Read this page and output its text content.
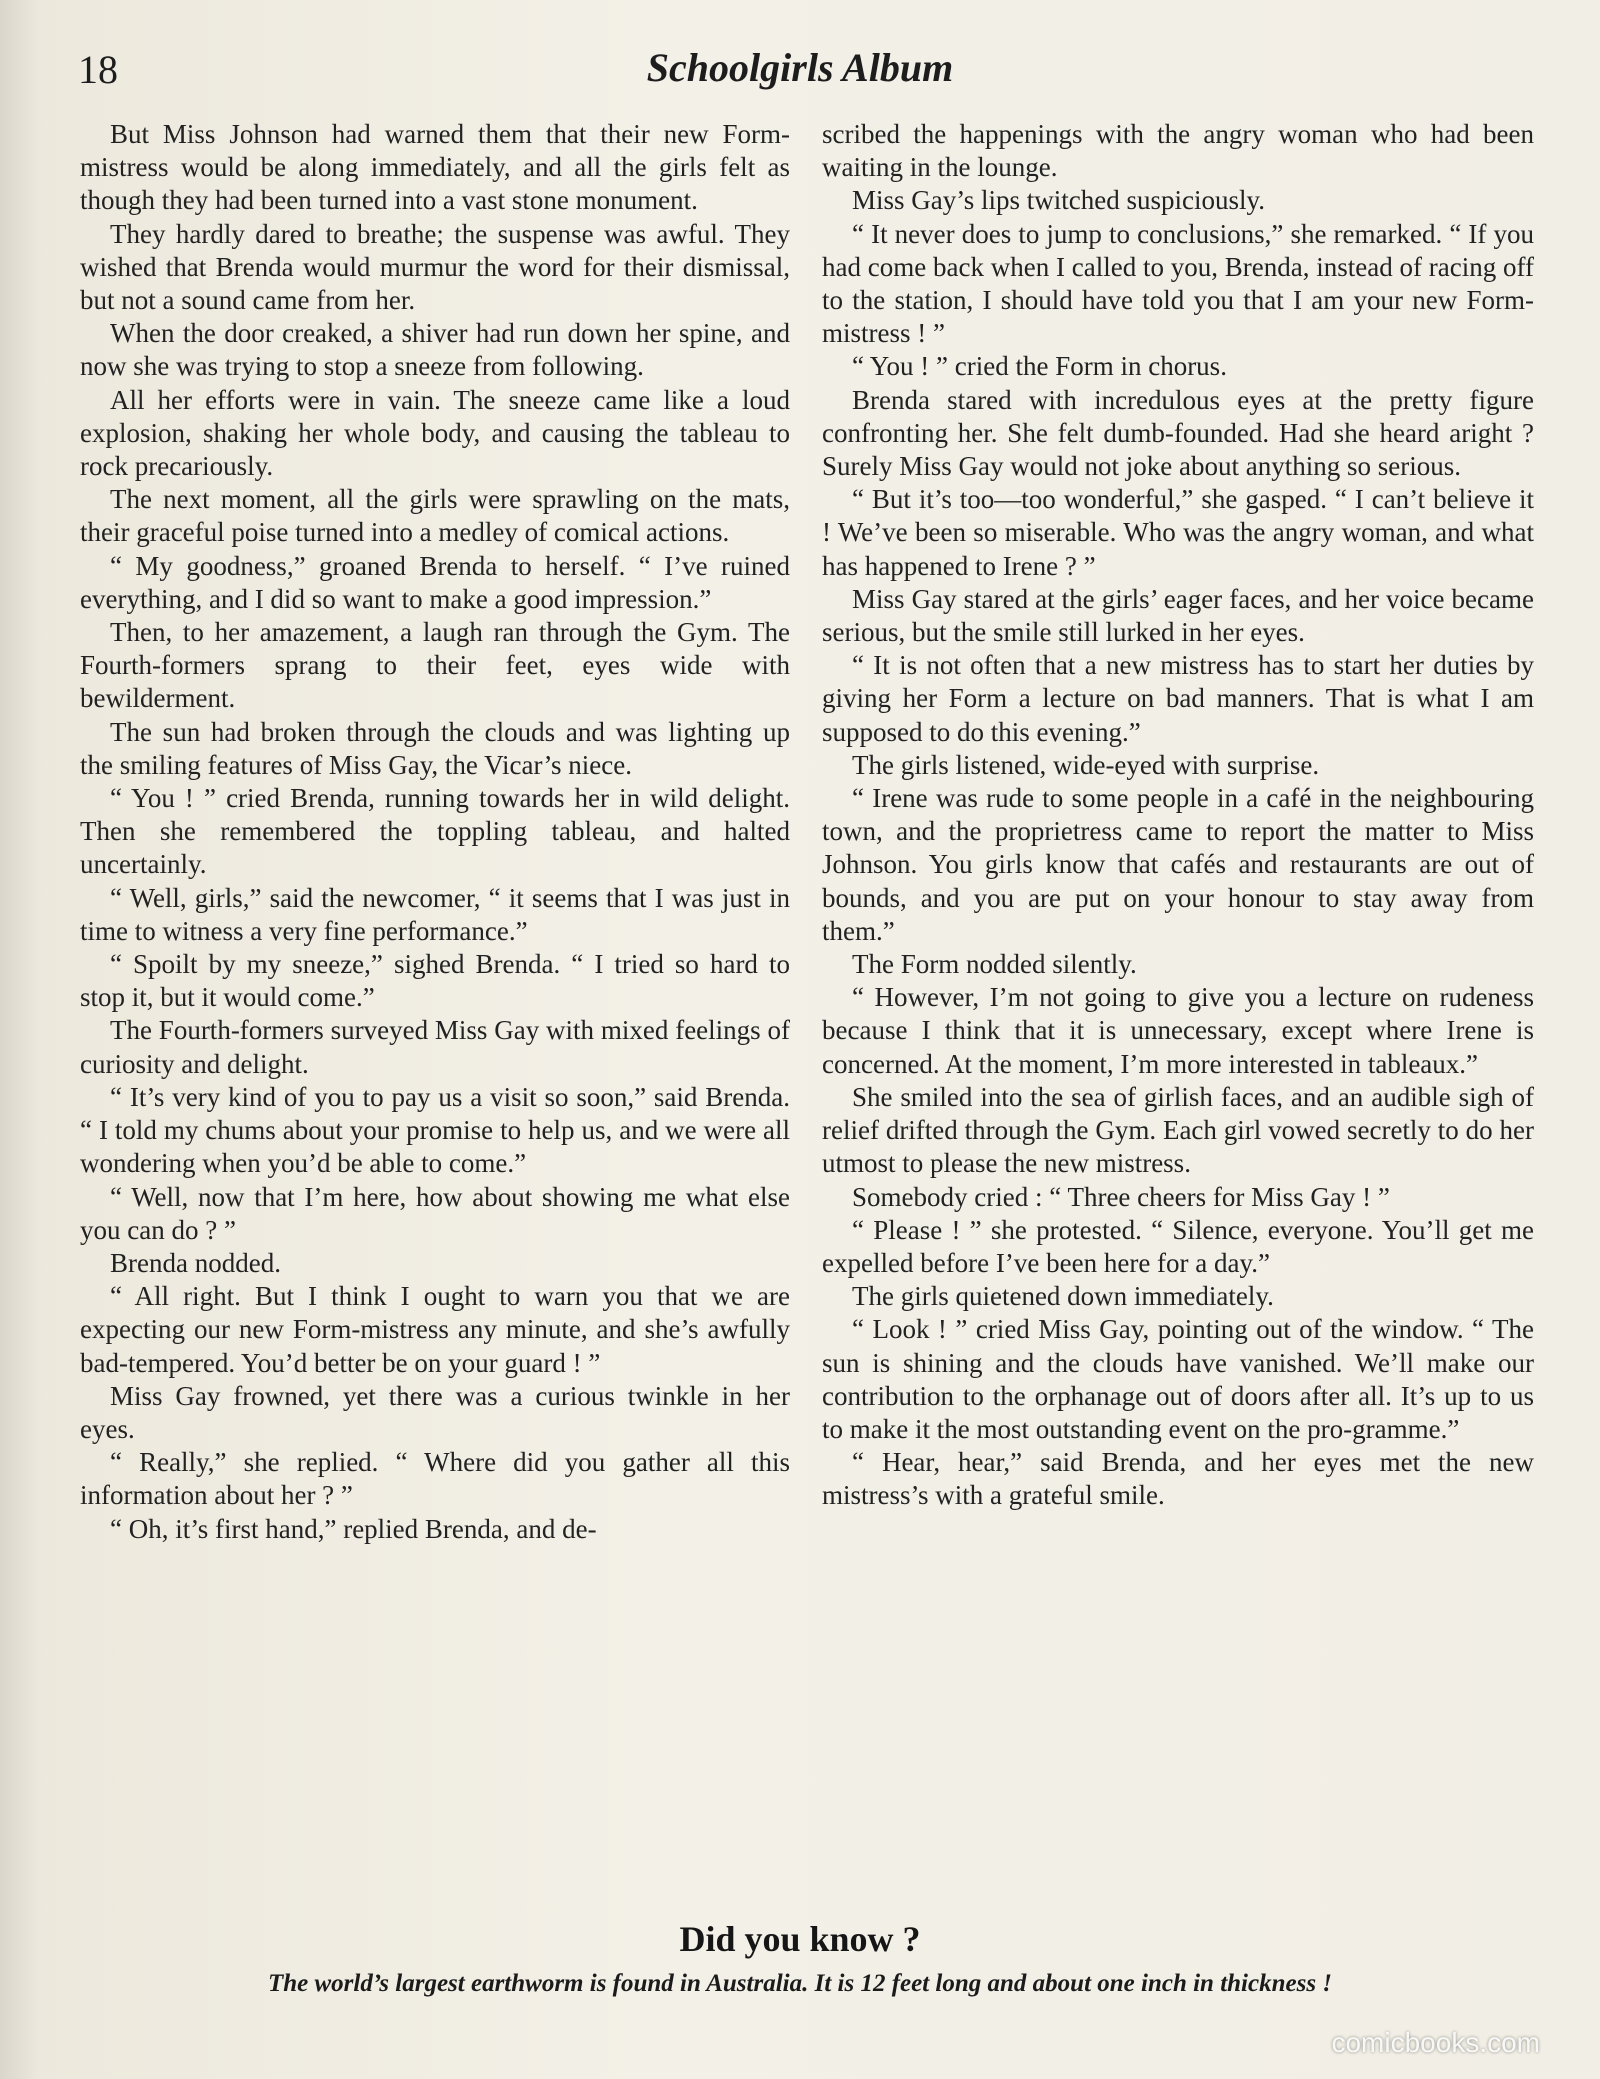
18	Schoolgirls Album

But Miss Johnson had warned them that their new Form-mistress would be along immediately, and all the girls felt as though they had been turned into a vast stone monument.

They hardly dared to breathe; the suspense was awful. They wished that Brenda would murmur the word for their dismissal, but not a sound came from her.

When the door creaked, a shiver had run down her spine, and now she was trying to stop a sneeze from following.

All her efforts were in vain. The sneeze came like a loud explosion, shaking her whole body, and causing the tableau to rock precariously.

The next moment, all the girls were sprawling on the mats, their graceful poise turned into a medley of comical actions.

“ My goodness,” groaned Brenda to herself. “ I’ve ruined everything, and I did so want to make a good impression.”

Then, to her amazement, a laugh ran through the Gym. The Fourth-formers sprang to their feet, eyes wide with bewilderment.

The sun had broken through the clouds and was lighting up the smiling features of Miss Gay, the Vicar’s niece.

“ You ! ” cried Brenda, running towards her in wild delight. Then she remembered the toppling tableau, and halted uncertainly.

“ Well, girls,” said the newcomer, “ it seems that I was just in time to witness a very fine performance.”

“ Spoilt by my sneeze,” sighed Brenda. “ I tried so hard to stop it, but it would come.”

The Fourth-formers surveyed Miss Gay with mixed feelings of curiosity and delight.

“ It’s very kind of you to pay us a visit so soon,” said Brenda. “ I told my chums about your promise to help us, and we were all wondering when you’d be able to come.”

“ Well, now that I’m here, how about showing me what else you can do ? ”

Brenda nodded.

“ All right. But I think I ought to warn you that we are expecting our new Form-mistress any minute, and she’s awfully bad-tempered. You’d better be on your guard ! ”

Miss Gay frowned, yet there was a curious twinkle in her eyes.

“ Really,” she replied. “ Where did you gather all this information about her ? ”

“ Oh, it’s first hand,” replied Brenda, and de-

scribed the happenings with the angry woman who had been waiting in the lounge.

Miss Gay’s lips twitched suspiciously.

“ It never does to jump to conclusions,” she remarked. “ If you had come back when I called to you, Brenda, instead of racing off to the station, I should have told you that I am your new Form-mistress ! ”

“ You ! ” cried the Form in chorus.

Brenda stared with incredulous eyes at the pretty figure confronting her. She felt dumb-founded. Had she heard aright ? Surely Miss Gay would not joke about anything so serious.

“ But it’s too—too wonderful,” she gasped. “ I can’t believe it ! We’ve been so miserable. Who was the angry woman, and what has happened to Irene ? ”

Miss Gay stared at the girls’ eager faces, and her voice became serious, but the smile still lurked in her eyes.

“ It is not often that a new mistress has to start her duties by giving her Form a lecture on bad manners. That is what I am supposed to do this evening.”

The girls listened, wide-eyed with surprise.

“ Irene was rude to some people in a café in the neighbouring town, and the proprietress came to report the matter to Miss Johnson. You girls know that cafés and restaurants are out of bounds, and you are put on your honour to stay away from them.”

The Form nodded silently.

“ However, I’m not going to give you a lecture on rudeness because I think that it is unnecessary, except where Irene is concerned. At the moment, I’m more interested in tableaux.”

She smiled into the sea of girlish faces, and an audible sigh of relief drifted through the Gym. Each girl vowed secretly to do her utmost to please the new mistress.

Somebody cried : “ Three cheers for Miss Gay ! ”

“ Please ! ” she protested. “ Silence, everyone. You’ll get me expelled before I’ve been here for a day.”

The girls quietened down immediately.

“ Look ! ” cried Miss Gay, pointing out of the window. “ The sun is shining and the clouds have vanished. We’ll make our contribution to the orphanage out of doors after all. It’s up to us to make it the most outstanding event on the pro-gramme.”

“ Hear, hear,” said Brenda, and her eyes met the new mistress’s with a grateful smile.

Did you know ?
The world’s largest earthworm is found in Australia. It is 12 feet long and about one inch in thickness !
comicbooks.com
